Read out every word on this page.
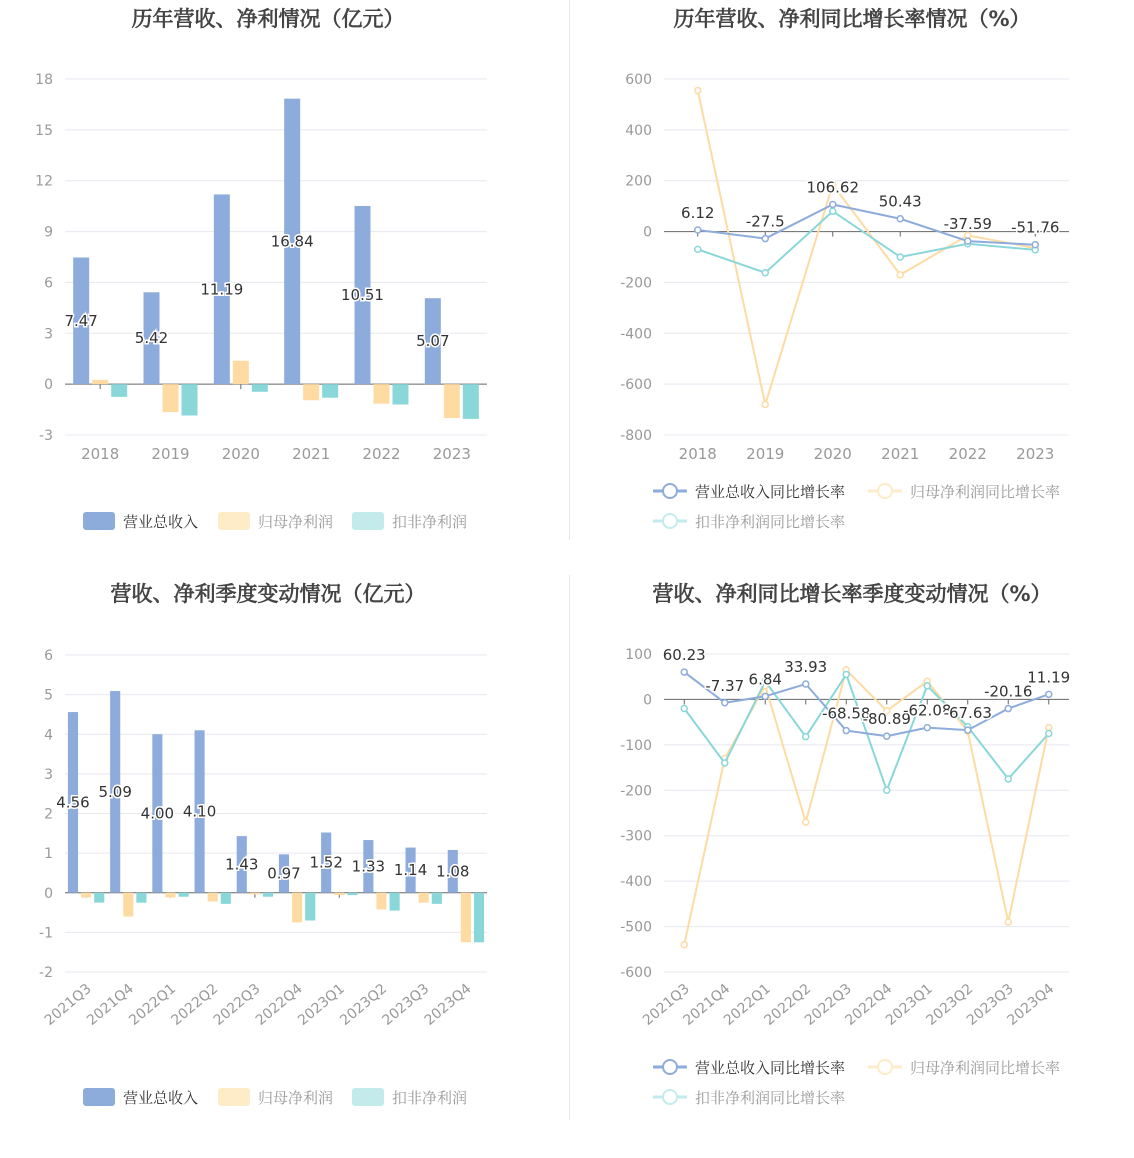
历年营收、净利情况（亿元）
-3
0
3
6
9
12
15
18
2018 2019 2020 2021 2022 2023
7.47
5.42
11.19
16.84
10.51
5.07
营业总收入	归母净利润	扣非净利润
历年营收、净利同比增长率情况（%）
-800
-600
-400
-200
0
200
400
600
2018 2019 2020 2021 2022 2023
6.12 -27.5
106.62
50.43
-37.59 -51.76
营业总收入同比增长率	归母净利润同比增长率
扣非净利润同比增长率
营收、净利季度变动情况（亿元）
-2
-1
0
1
2
3
4
5
6
2021Q3
2021Q4
2022Q1
2022Q2
2022Q3
2022Q4
2023Q1
2023Q2
2023Q3
2023Q4
4.56
5.09
4.00 4.10
1.43
0.97
1.52 1.33 1.14 1.08
营业总收入	归母净利润	扣非净利润
营收、净利同比增长率季度变动情况（%）
-600
-500
-400
-300
-200
-100
0
100
2021Q3
2021Q4
2022Q1
2022Q2
2022Q3
2022Q4
2023Q1
2023Q2
2023Q3
2023Q4
60.23
-7.37 6.84
33.93
-68.58
-80.89
-62.08
-67.63
-20.16
11.19
营业总收入同比增长率	归母净利润同比增长率
扣非净利润同比增长率
